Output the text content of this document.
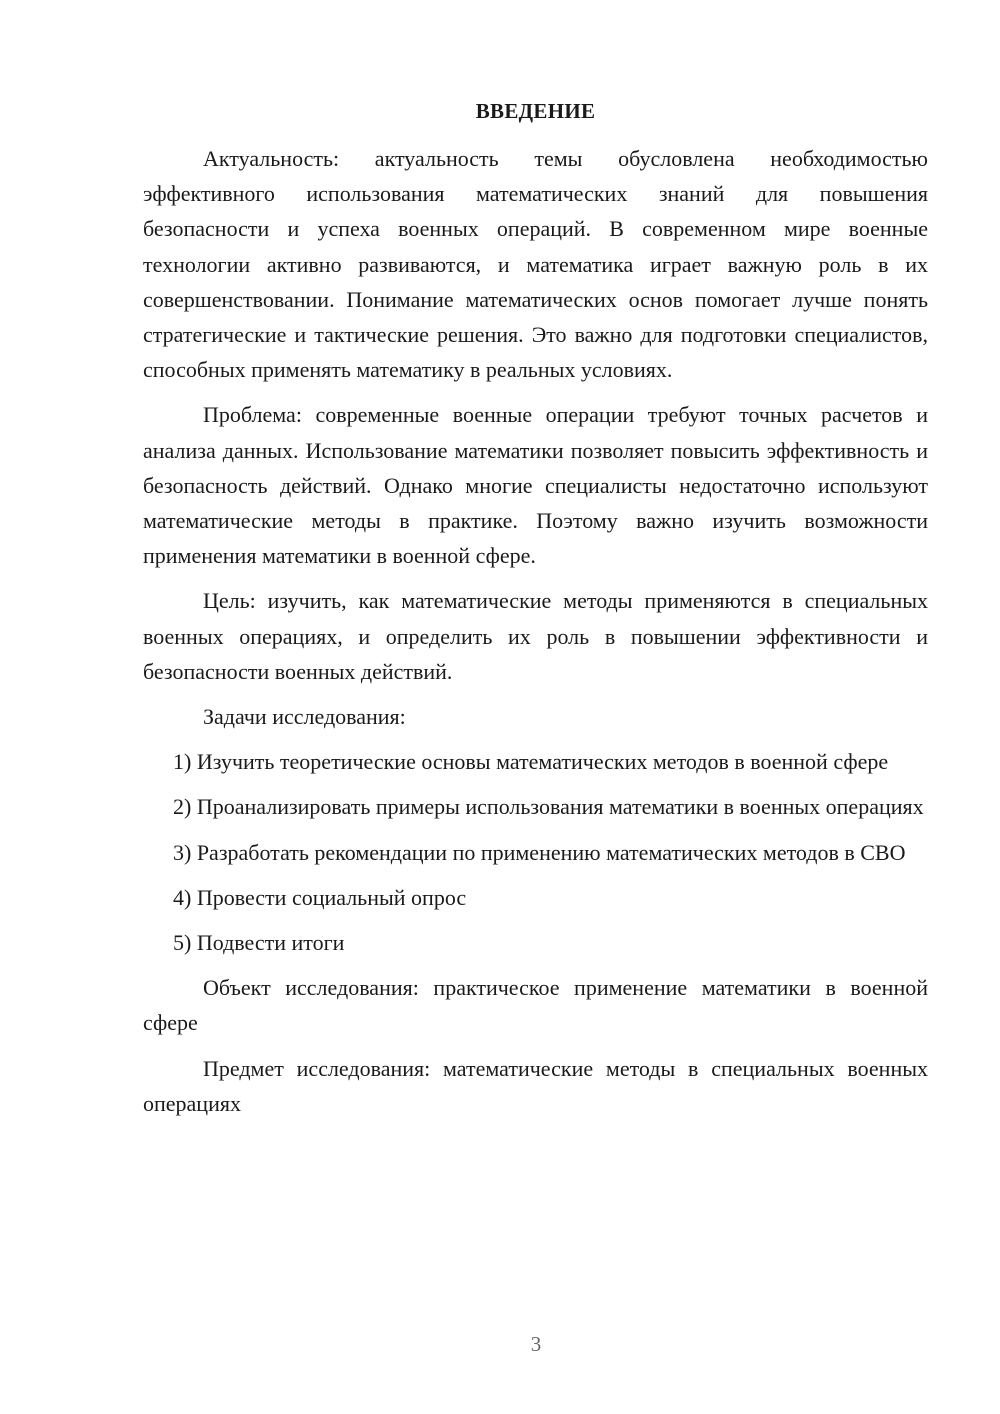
ВВЕДЕНИЕ

Актуальность: актуальность темы обусловлена необходимостью эффективного использования математических знаний для повышения безопасности и успеха военных операций. В современном мире военные технологии активно развиваются, и математика играет важную роль в их совершенствовании. Понимание математических основ помогает лучше понять стратегические и тактические решения. Это важно для подготовки специалистов, способных применять математику в реальных условиях.

Проблема: современные военные операции требуют точных расчетов и анализа данных. Использование математики позволяет повысить эффективность и безопасность действий. Однако многие специалисты недостаточно используют математические методы в практике. Поэтому важно изучить возможности применения математики в военной сфере.

Цель: изучить, как математические методы применяются в специальных военных операциях, и определить их роль в повышении эффективности и безопасности военных действий.

Задачи исследования:

1) Изучить теоретические основы математических методов в военной сфере

2) Проанализировать примеры использования математики в военных операциях

3) Разработать рекомендации по применению математических методов в СВО

4) Провести социальный опрос

5) Подвести итоги

Объект исследования: практическое применение математики в военной сфере

Предмет исследования: математические методы в специальных военных операциях

3
